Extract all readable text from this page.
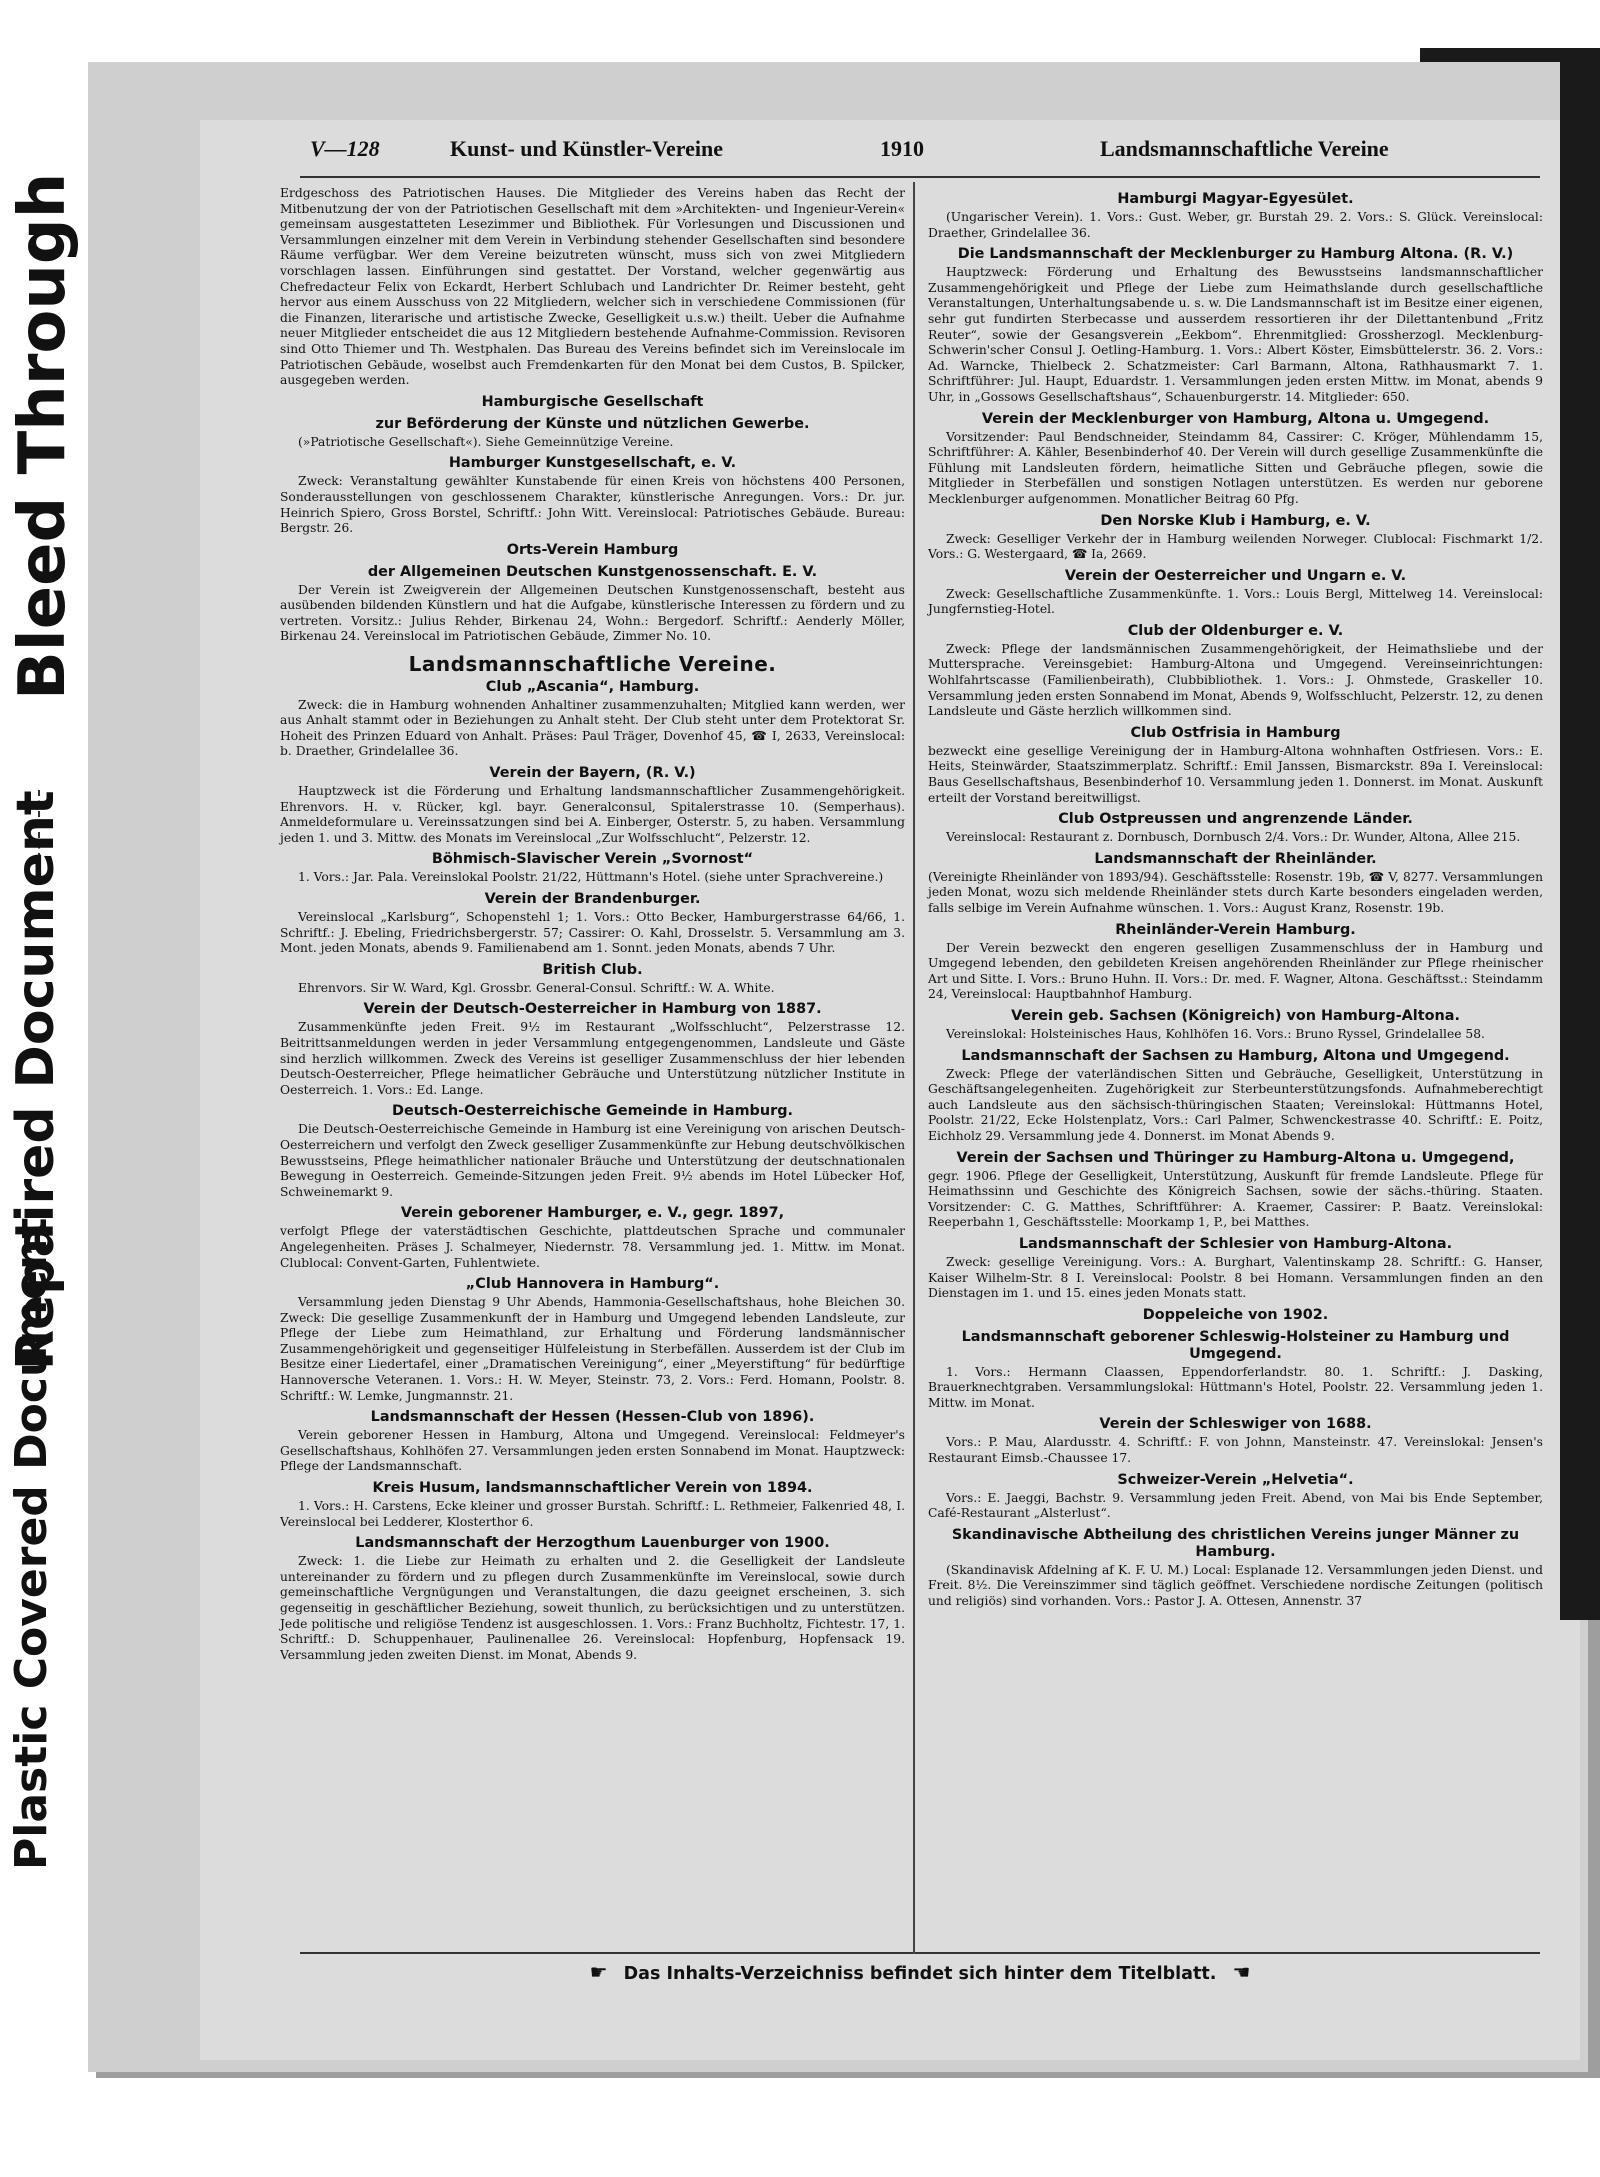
Bleed Through
Repaired Document
Plastic Covered Document
V—128	Kunst- und Künstler-Vereine	1910	Landsmannschaftliche Vereine

Erdgeschoss des Patriotischen Hauses. Die Mitglieder des Vereins haben das Recht der Mitbenutzung der von der Patriotischen Gesellschaft mit dem »Architekten- und Ingenieur-Verein« gemeinsam ausgestatteten Lesezimmer und Bibliothek. Für Vorlesungen und Discussionen und Versammlungen einzelner mit dem Verein in Verbindung stehender Gesellschaften sind besondere Räume verfügbar. Wer dem Vereine beizutreten wünscht, muss sich von zwei Mitgliedern vorschlagen lassen. Einführungen sind gestattet. Der Vorstand, welcher gegenwärtig aus Chefredacteur Felix von Eckardt, Herbert Schlubach und Landrichter Dr. Reimer besteht, geht hervor aus einem Ausschuss von 22 Mitgliedern, welcher sich in verschiedene Commissionen (für die Finanzen, literarische und artistische Zwecke, Geselligkeit u.s.w.) theilt. Ueber die Aufnahme neuer Mitglieder entscheidet die aus 12 Mitgliedern bestehende Aufnahme-Commission. Revisoren sind Otto Thiemer und Th. Westphalen. Das Bureau des Vereins befindet sich im Vereinslocale im Patriotischen Gebäude, woselbst auch Fremdenkarten für den Monat bei dem Custos, B. Spilcker, ausgegeben werden.

Hamburgische Gesellschaft
zur Beförderung der Künste und nützlichen Gewerbe.

(»Patriotische Gesellschaft«). Siehe Gemeinnützige Vereine.

Hamburger Kunstgesellschaft, e. V.

Zweck: Veranstaltung gewählter Kunstabende für einen Kreis von höchstens 400 Personen, Sonderausstellungen von geschlossenem Charakter, künstlerische Anregungen. Vors.: Dr. jur. Heinrich Spiero, Gross Borstel, Schriftf.: John Witt. Vereinslocal: Patriotisches Gebäude. Bureau: Bergstr. 26.

Orts-Verein Hamburg
der Allgemeinen Deutschen Kunstgenossenschaft. E. V.

Der Verein ist Zweigverein der Allgemeinen Deutschen Kunstgenossenschaft, besteht aus ausübenden bildenden Künstlern und hat die Aufgabe, künstlerische Interessen zu fördern und zu vertreten. Vorsitz.: Julius Rehder, Birkenau 24, Wohn.: Bergedorf. Schriftf.: Aenderly Möller, Birkenau 24. Vereinslocal im Patriotischen Gebäude, Zimmer No. 10.

Landsmannschaftliche Vereine.
Club „Ascania“, Hamburg.

Zweck: die in Hamburg wohnenden Anhaltiner zusammenzuhalten; Mitglied kann werden, wer aus Anhalt stammt oder in Beziehungen zu Anhalt steht. Der Club steht unter dem Protektorat Sr. Hoheit des Prinzen Eduard von Anhalt. Präses: Paul Träger, Dovenhof 45, ☎ I, 2633, Vereinslocal: b. Draether, Grindelallee 36.

Verein der Bayern, (R. V.)

Hauptzweck ist die Förderung und Erhaltung landsmannschaftlicher Zusammengehörigkeit. Ehrenvors. H. v. Rücker, kgl. bayr. Generalconsul, Spitalerstrasse 10. (Semperhaus). Anmeldeformulare u. Vereinssatzungen sind bei A. Einberger, Osterstr. 5, zu haben. Versammlung jeden 1. und 3. Mittw. des Monats im Vereinslocal „Zur Wolfsschlucht“, Pelzerstr. 12.

Böhmisch-Slavischer Verein „Svornost“

1. Vors.: Jar. Pala. Vereinslokal Poolstr. 21/22, Hüttmann's Hotel. (siehe unter Sprachvereine.)

Verein der Brandenburger.

Vereinslocal „Karlsburg“, Schopenstehl 1; 1. Vors.: Otto Becker, Hamburgerstrasse 64/66, 1. Schriftf.: J. Ebeling, Friedrichsbergerstr. 57; Cassirer: O. Kahl, Drosselstr. 5. Versammlung am 3. Mont. jeden Monats, abends 9. Familienabend am 1. Sonnt. jeden Monats, abends 7 Uhr.

British Club.

Ehrenvors. Sir W. Ward, Kgl. Grossbr. General-Consul. Schriftf.: W. A. White.

Verein der Deutsch-Oesterreicher in Hamburg von 1887.

Zusammenkünfte jeden Freit. 9½ im Restaurant „Wolfsschlucht“, Pelzerstrasse 12. Beitrittsanmeldungen werden in jeder Versammlung entgegengenommen, Landsleute und Gäste sind herzlich willkommen. Zweck des Vereins ist geselliger Zusammenschluss der hier lebenden Deutsch-Oesterreicher, Pflege heimatlicher Gebräuche und Unterstützung nützlicher Institute in Oesterreich. 1. Vors.: Ed. Lange.

Deutsch-Oesterreichische Gemeinde in Hamburg.

Die Deutsch-Oesterreichische Gemeinde in Hamburg ist eine Vereinigung von arischen Deutsch-Oesterreichern und verfolgt den Zweck geselliger Zusammenkünfte zur Hebung deutschvölkischen Bewusstseins, Pflege heimathlicher nationaler Bräuche und Unterstützung der deutschnationalen Bewegung in Oesterreich. Gemeinde-Sitzungen jeden Freit. 9½ abends im Hotel Lübecker Hof, Schweinemarkt 9.

Verein geborener Hamburger, e. V., gegr. 1897,

verfolgt Pflege der vaterstädtischen Geschichte, plattdeutschen Sprache und communaler Angelegenheiten. Präses J. Schalmeyer, Niedernstr. 78. Versammlung jed. 1. Mittw. im Monat. Clublocal: Convent-Garten, Fuhlentwiete.

„Club Hannovera in Hamburg“.

Versammlung jeden Dienstag 9 Uhr Abends, Hammonia-Gesellschaftshaus, hohe Bleichen 30. Zweck: Die gesellige Zusammenkunft der in Hamburg und Umgegend lebenden Landsleute, zur Pflege der Liebe zum Heimathland, zur Erhaltung und Förderung landsmännischer Zusammengehörigkeit und gegenseitiger Hülfeleistung in Sterbefällen. Ausserdem ist der Club im Besitze einer Liedertafel, einer „Dramatischen Vereinigung“, einer „Meyerstiftung“ für bedürftige Hannoversche Veteranen. 1. Vors.: H. W. Meyer, Steinstr. 73, 2. Vors.: Ferd. Homann, Poolstr. 8. Schriftf.: W. Lemke, Jungmannstr. 21.

Landsmannschaft der Hessen (Hessen-Club von 1896).

Verein geborener Hessen in Hamburg, Altona und Umgegend. Vereinslocal: Feldmeyer's Gesellschaftshaus, Kohlhöfen 27. Versammlungen jeden ersten Sonnabend im Monat. Hauptzweck: Pflege der Landsmannschaft.

Kreis Husum, landsmannschaftlicher Verein von 1894.

1. Vors.: H. Carstens, Ecke kleiner und grosser Burstah. Schriftf.: L. Rethmeier, Falkenried 48, I. Vereinslocal bei Ledderer, Klosterthor 6.

Landsmannschaft der Herzogthum Lauenburger von 1900.

Zweck: 1. die Liebe zur Heimath zu erhalten und 2. die Geselligkeit der Landsleute untereinander zu fördern und zu pflegen durch Zusammenkünfte im Vereinslocal, sowie durch gemeinschaftliche Vergnügungen und Veranstaltungen, die dazu geeignet erscheinen, 3. sich gegenseitig in geschäftlicher Beziehung, soweit thunlich, zu berücksichtigen und zu unterstützen. Jede politische und religiöse Tendenz ist ausgeschlossen. 1. Vors.: Franz Buchholtz, Fichtestr. 17, 1. Schriftf.: D. Schuppenhauer, Paulinenallee 26. Vereinslocal: Hopfenburg, Hopfensack 19. Versammlung jeden zweiten Dienst. im Monat, Abends 9.

Hamburgi Magyar-Egyesület.

(Ungarischer Verein). 1. Vors.: Gust. Weber, gr. Burstah 29. 2. Vors.: S. Glück. Vereinslocal: Draether, Grindelallee 36.

Die Landsmannschaft der Mecklenburger zu Hamburg Altona. (R. V.)

Hauptzweck: Förderung und Erhaltung des Bewusstseins landsmannschaftlicher Zusammengehörigkeit und Pflege der Liebe zum Heimathslande durch gesellschaftliche Veranstaltungen, Unterhaltungsabende u. s. w. Die Landsmannschaft ist im Besitze einer eigenen, sehr gut fundirten Sterbecasse und ausserdem ressortieren ihr der Dilettantenbund „Fritz Reuter“, sowie der Gesangsverein „Eekbom“. Ehrenmitglied: Grossherzogl. Mecklenburg-Schwerin'scher Consul J. Oetling-Hamburg. 1. Vors.: Albert Köster, Eimsbüttelerstr. 36. 2. Vors.: Ad. Warncke, Thielbeck 2. Schatzmeister: Carl Barmann, Altona, Rathhausmarkt 7. 1. Schriftführer: Jul. Haupt, Eduardstr. 1. Versammlungen jeden ersten Mittw. im Monat, abends 9 Uhr, in „Gossows Gesellschaftshaus“, Schauenburgerstr. 14. Mitglieder: 650.

Verein der Mecklenburger von Hamburg, Altona u. Umgegend.

Vorsitzender: Paul Bendschneider, Steindamm 84, Cassirer: C. Kröger, Mühlendamm 15, Schriftführer: A. Kähler, Besenbinderhof 40. Der Verein will durch gesellige Zusammenkünfte die Fühlung mit Landsleuten fördern, heimatliche Sitten und Gebräuche pflegen, sowie die Mitglieder in Sterbefällen und sonstigen Notlagen unterstützen. Es werden nur geborene Mecklenburger aufgenommen. Monatlicher Beitrag 60 Pfg.

Den Norske Klub i Hamburg, e. V.

Zweck: Geselliger Verkehr der in Hamburg weilenden Norweger. Clublocal: Fischmarkt 1/2. Vors.: G. Westergaard, ☎ Ia, 2669.

Verein der Oesterreicher und Ungarn e. V.

Zweck: Gesellschaftliche Zusammenkünfte. 1. Vors.: Louis Bergl, Mittelweg 14. Vereinslocal: Jungfernstieg-Hotel.

Club der Oldenburger e. V.

Zweck: Pflege der landsmännischen Zusammengehörigkeit, der Heimathsliebe und der Muttersprache. Vereinsgebiet: Hamburg-Altona und Umgegend. Vereinseinrichtungen: Wohlfahrtscasse (Familienbeirath), Clubbibliothek. 1. Vors.: J. Ohmstede, Graskeller 10. Versammlung jeden ersten Sonnabend im Monat, Abends 9, Wolfsschlucht, Pelzerstr. 12, zu denen Landsleute und Gäste herzlich willkommen sind.

Club Ostfrisia in Hamburg

bezweckt eine gesellige Vereinigung der in Hamburg-Altona wohnhaften Ostfriesen. Vors.: E. Heits, Steinwärder, Staatszimmerplatz. Schriftf.: Emil Janssen, Bismarckstr. 89a I. Vereinslocal: Baus Gesellschaftshaus, Besenbinderhof 10. Versammlung jeden 1. Donnerst. im Monat. Auskunft erteilt der Vorstand bereitwilligst.

Club Ostpreussen und angrenzende Länder.

Vereinslocal: Restaurant z. Dornbusch, Dornbusch 2/4. Vors.: Dr. Wunder, Altona, Allee 215.

Landsmannschaft der Rheinländer.

(Vereinigte Rheinländer von 1893/94). Geschäftsstelle: Rosenstr. 19b, ☎ V, 8277. Versammlungen jeden Monat, wozu sich meldende Rheinländer stets durch Karte besonders eingeladen werden, falls selbige im Verein Aufnahme wünschen. 1. Vors.: August Kranz, Rosenstr. 19b.

Rheinländer-Verein Hamburg.

Der Verein bezweckt den engeren geselligen Zusammenschluss der in Hamburg und Umgegend lebenden, den gebildeten Kreisen angehörenden Rheinländer zur Pflege rheinischer Art und Sitte. I. Vors.: Bruno Huhn. II. Vors.: Dr. med. F. Wagner, Altona. Geschäftsst.: Steindamm 24, Vereinslocal: Hauptbahnhof Hamburg.

Verein geb. Sachsen (Königreich) von Hamburg-Altona.

Vereinslokal: Holsteinisches Haus, Kohlhöfen 16. Vors.: Bruno Ryssel, Grindelallee 58.

Landsmannschaft der Sachsen zu Hamburg, Altona und Umgegend.

Zweck: Pflege der vaterländischen Sitten und Gebräuche, Geselligkeit, Unterstützung in Geschäftsangelegenheiten. Zugehörigkeit zur Sterbeunterstützungsfonds. Aufnahmeberechtigt auch Landsleute aus den sächsisch-thüringischen Staaten; Vereinslokal: Hüttmanns Hotel, Poolstr. 21/22, Ecke Holstenplatz, Vors.: Carl Palmer, Schwenckestrasse 40. Schriftf.: E. Poitz, Eichholz 29. Versammlung jede 4. Donnerst. im Monat Abends 9.

Verein der Sachsen und Thüringer zu Hamburg-Altona u. Umgegend,

gegr. 1906. Pflege der Geselligkeit, Unterstützung, Auskunft für fremde Landsleute. Pflege für Heimathssinn und Geschichte des Königreich Sachsen, sowie der sächs.-thüring. Staaten. Vorsitzender: C. G. Matthes, Schriftführer: A. Kraemer, Cassirer: P. Baatz. Vereinslokal: Reeperbahn 1, Geschäftsstelle: Moorkamp 1, P., bei Matthes.

Landsmannschaft der Schlesier von Hamburg-Altona.

Zweck: gesellige Vereinigung. Vors.: A. Burghart, Valentinskamp 28. Schriftf.: G. Hanser, Kaiser Wilhelm-Str. 8 I. Vereinslocal: Poolstr. 8 bei Homann. Versammlungen finden an den Dienstagen im 1. und 15. eines jeden Monats statt.

Doppeleiche von 1902.
Landsmannschaft geborener Schleswig-Holsteiner zu Hamburg und Umgegend.

1. Vors.: Hermann Claassen, Eppendorferlandstr. 80. 1. Schriftf.: J. Dasking, Brauerknechtgraben. Versammlungslokal: Hüttmann's Hotel, Poolstr. 22. Versammlung jeden 1. Mittw. im Monat.

Verein der Schleswiger von 1688.

Vors.: P. Mau, Alardusstr. 4. Schriftf.: F. von Johnn, Mansteinstr. 47. Vereinslokal: Jensen's Restaurant Eimsb.-Chaussee 17.

Schweizer-Verein „Helvetia“.

Vors.: E. Jaeggi, Bachstr. 9. Versammlung jeden Freit. Abend, von Mai bis Ende September, Café-Restaurant „Alsterlust“.

Skandinavische Abtheilung des christlichen Vereins junger Männer zu Hamburg.

(Skandinavisk Afdelning af K. F. U. M.) Local: Esplanade 12. Versammlungen jeden Dienst. und Freit. 8½. Die Vereinszimmer sind täglich geöffnet. Verschiedene nordische Zeitungen (politisch und religiös) sind vorhanden. Vors.: Pastor J. A. Ottesen, Annenstr. 37

☛ Das Inhalts-Verzeichniss befindet sich hinter dem Titelblatt. ☚
